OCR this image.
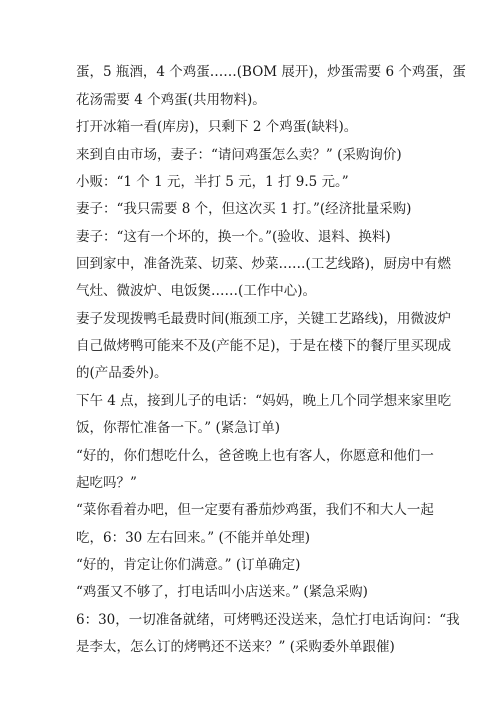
蛋，5 瓶酒，4 个鸡蛋……(BOM 展开)，炒蛋需要 6 个鸡蛋，蛋
花汤需要 4 个鸡蛋(共用物料)。
打开冰箱一看(库房)，只剩下 2 个鸡蛋(缺料)。
来到自由市场，妻子：“请问鸡蛋怎么卖？” (采购询价)
小贩：“1 个 1 元，半打 5 元，1 打 9.5 元。”
妻子：“我只需要 8 个，但这次买 1 打。”(经济批量采购)
妻子：“这有一个坏的，换一个。”(验收、退料、换料)
回到家中，准备洗菜、切菜、炒菜……(工艺线路)，厨房中有燃
气灶、微波炉、电饭煲……(工作中心)。
妻子发现拨鸭毛最费时间(瓶颈工序，关键工艺路线)，用微波炉
自己做烤鸭可能来不及(产能不足)，于是在楼下的餐厅里买现成
的(产品委外)。
下午 4 点，接到儿子的电话：“妈妈，晚上几个同学想来家里吃
饭，你帮忙准备一下。” (紧急订单)
“好的，你们想吃什么，爸爸晚上也有客人，你愿意和他们一
起吃吗？”
“菜你看着办吧，但一定要有番茄炒鸡蛋，我们不和大人一起
吃，6：30 左右回来。” (不能并单处理)
“好的，肯定让你们满意。” (订单确定)
“鸡蛋又不够了，打电话叫小店送来。” (紧急采购)
6：30，一切准备就绪，可烤鸭还没送来，急忙打电话询问：“我
是李太，怎么订的烤鸭还不送来？” (采购委外单跟催)
